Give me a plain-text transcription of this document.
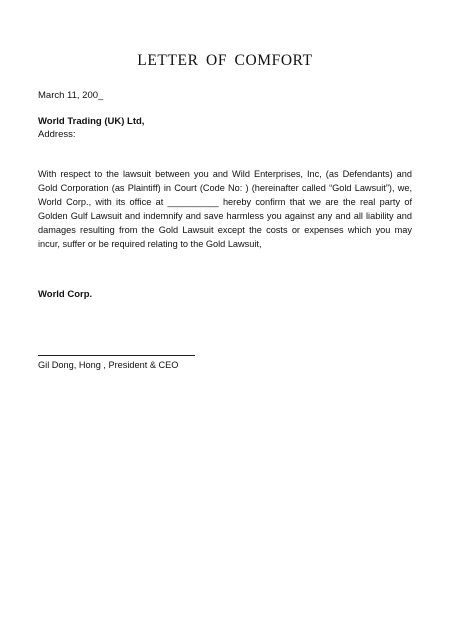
LETTER OF COMFORT
March 11, 200_
World Trading (UK) Ltd,
Address:
With respect to the lawsuit between you and Wild Enterprises, Inc, (as Defendants) and Gold Corporation (as Plaintiff) in Court (Code No: ) (hereinafter called “Gold Lawsuit”), we, World Corp., with its office at __________ hereby confirm that we are the real party of Golden Gulf Lawsuit and indemnify and save harmless you against any and all liability and damages resulting from the Gold Lawsuit except the costs or expenses which you may incur, suffer or be required relating to the Gold Lawsuit,
World Corp.
Gil Dong, Hong , President & CEO
